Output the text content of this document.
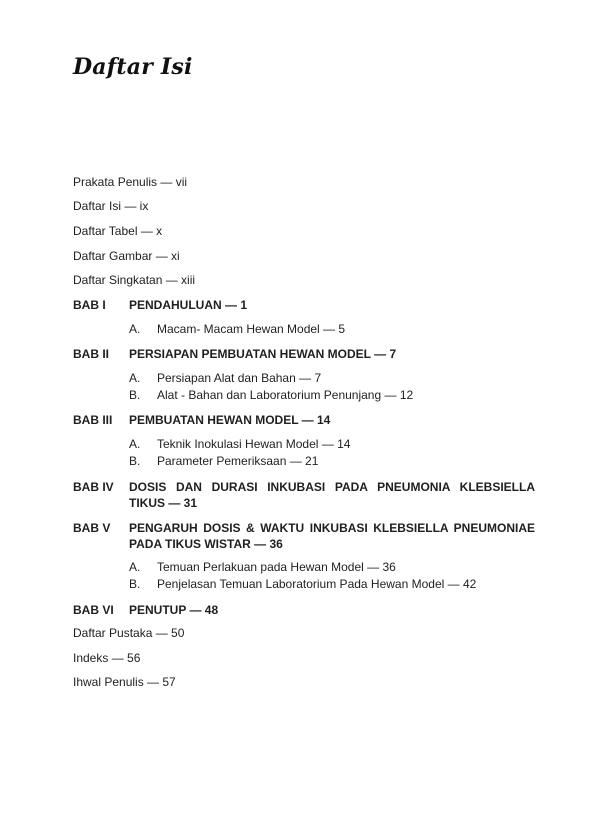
Daftar Isi
Prakata Penulis — vii
Daftar Isi — ix
Daftar Tabel — x
Daftar Gambar — xi
Daftar Singkatan — xiii
BAB I	PENDAHULUAN — 1
A. Macam- Macam Hewan Model — 5
BAB II	PERSIAPAN PEMBUATAN HEWAN MODEL — 7
A. Persiapan Alat dan Bahan — 7
B. Alat - Bahan dan Laboratorium Penunjang — 12
BAB III	PEMBUATAN HEWAN MODEL — 14
A. Teknik Inokulasi Hewan Model — 14
B. Parameter Pemeriksaan — 21
BAB IV	DOSIS DAN DURASI INKUBASI PADA PNEUMONIA KLEBSIELLA TIKUS — 31
BAB V	PENGARUH DOSIS & WAKTU INKUBASI KLEBSIELLA PNEUMONIAE PADA TIKUS WISTAR — 36
A. Temuan Perlakuan pada Hewan Model — 36
B. Penjelasan Temuan Laboratorium Pada Hewan Model — 42
BAB VI	PENUTUP — 48
Daftar Pustaka — 50
Indeks — 56
Ihwal Penulis — 57
